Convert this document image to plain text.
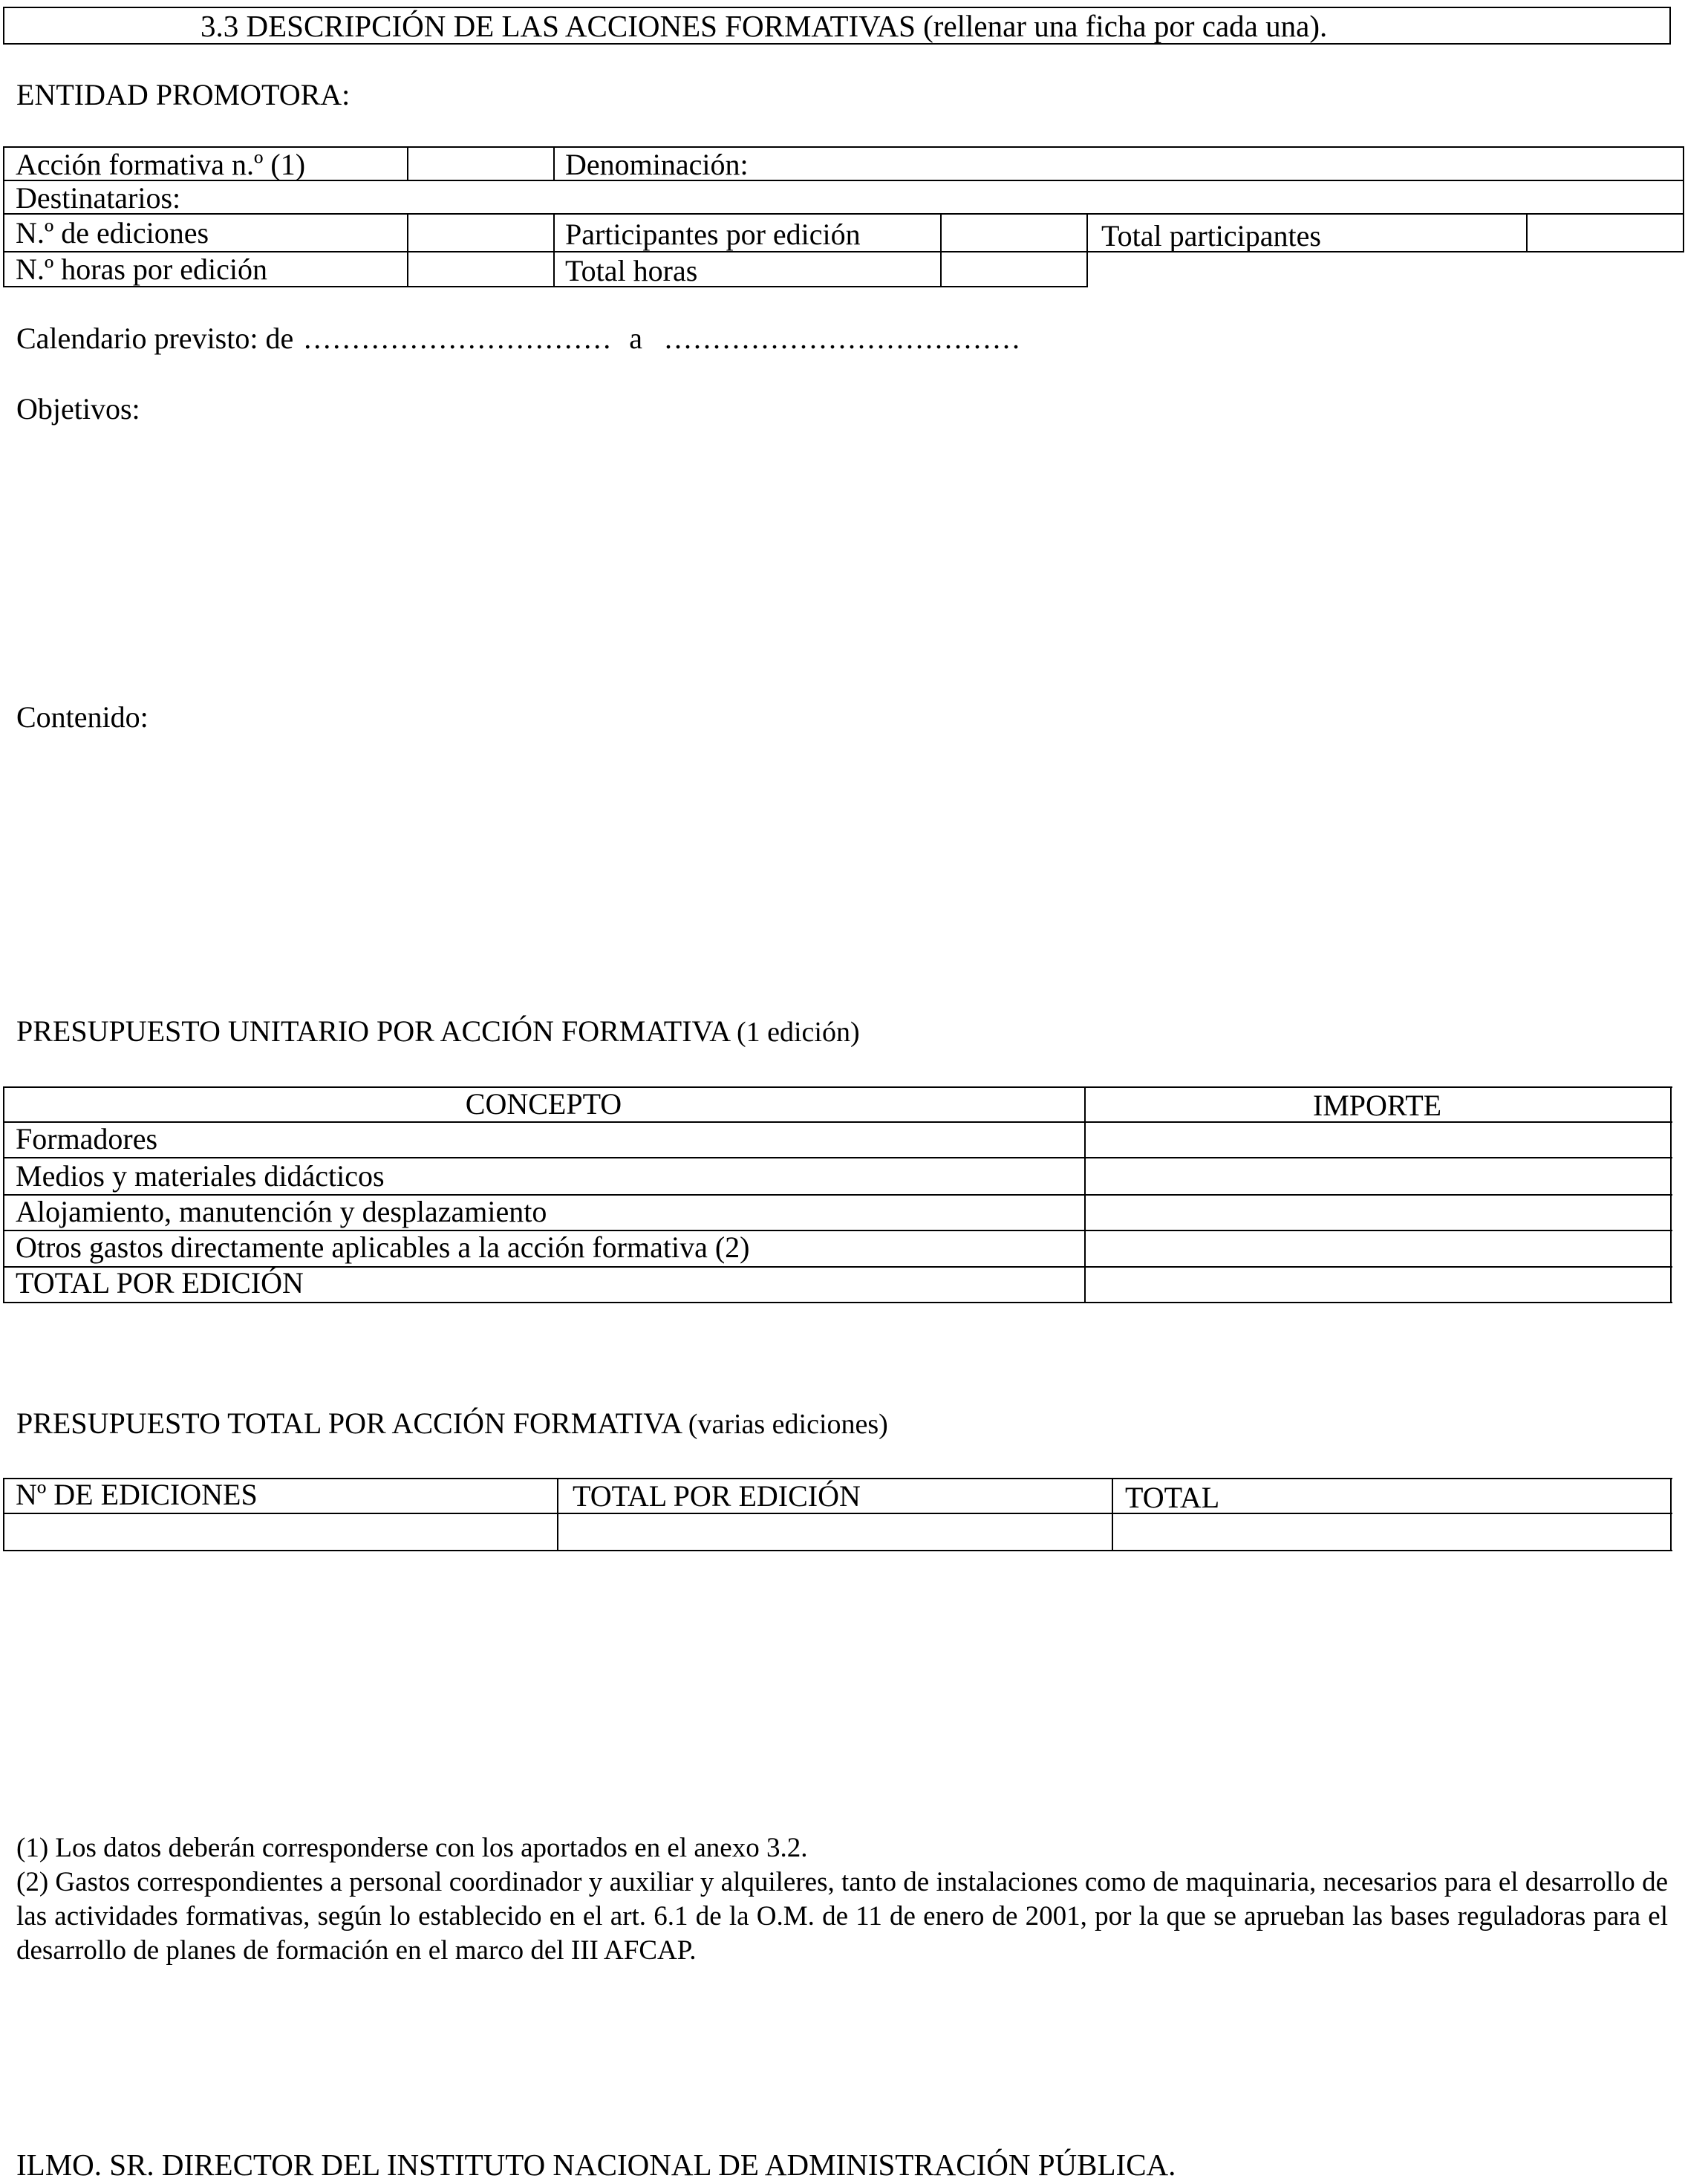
3.3 DESCRIPCIÓN DE LAS ACCIONES FORMATIVAS (rellenar una ficha por cada una).
ENTIDAD PROMOTORA:
Acción formativa n.º (1)	Denominación:
Destinatarios:
N.º de ediciones	Participantes por edición	Total participantes
N.º horas por edición	Total horas
Calendario previsto: de ................................ a .....................................
Objetivos:
Contenido:
PRESUPUESTO UNITARIO POR ACCIÓN FORMATIVA (1 edición)
CONCEPTO	IMPORTE
Formadores
Medios y materiales didácticos
Alojamiento, manutención y desplazamiento
Otros gastos directamente aplicables a la acción formativa (2)
TOTAL POR EDICIÓN
PRESUPUESTO TOTAL POR ACCIÓN FORMATIVA (varias ediciones)
Nº DE EDICIONES	TOTAL POR EDICIÓN	TOTAL

(1) Los datos deberán corresponderse con los aportados en el anexo 3.2.

(2) Gastos correspondientes a personal coordinador y auxiliar y alquileres, tanto de instalaciones como de maquinaria, necesarios para el desarrollo de las actividades formativas, según lo establecido en el art. 6.1 de la O.M. de 11 de enero de 2001, por la que se aprueban las bases reguladoras para el desarrollo de planes de formación en el marco del III AFCAP.

ILMO. SR. DIRECTOR DEL INSTITUTO NACIONAL DE ADMINISTRACIÓN PÚBLICA.
